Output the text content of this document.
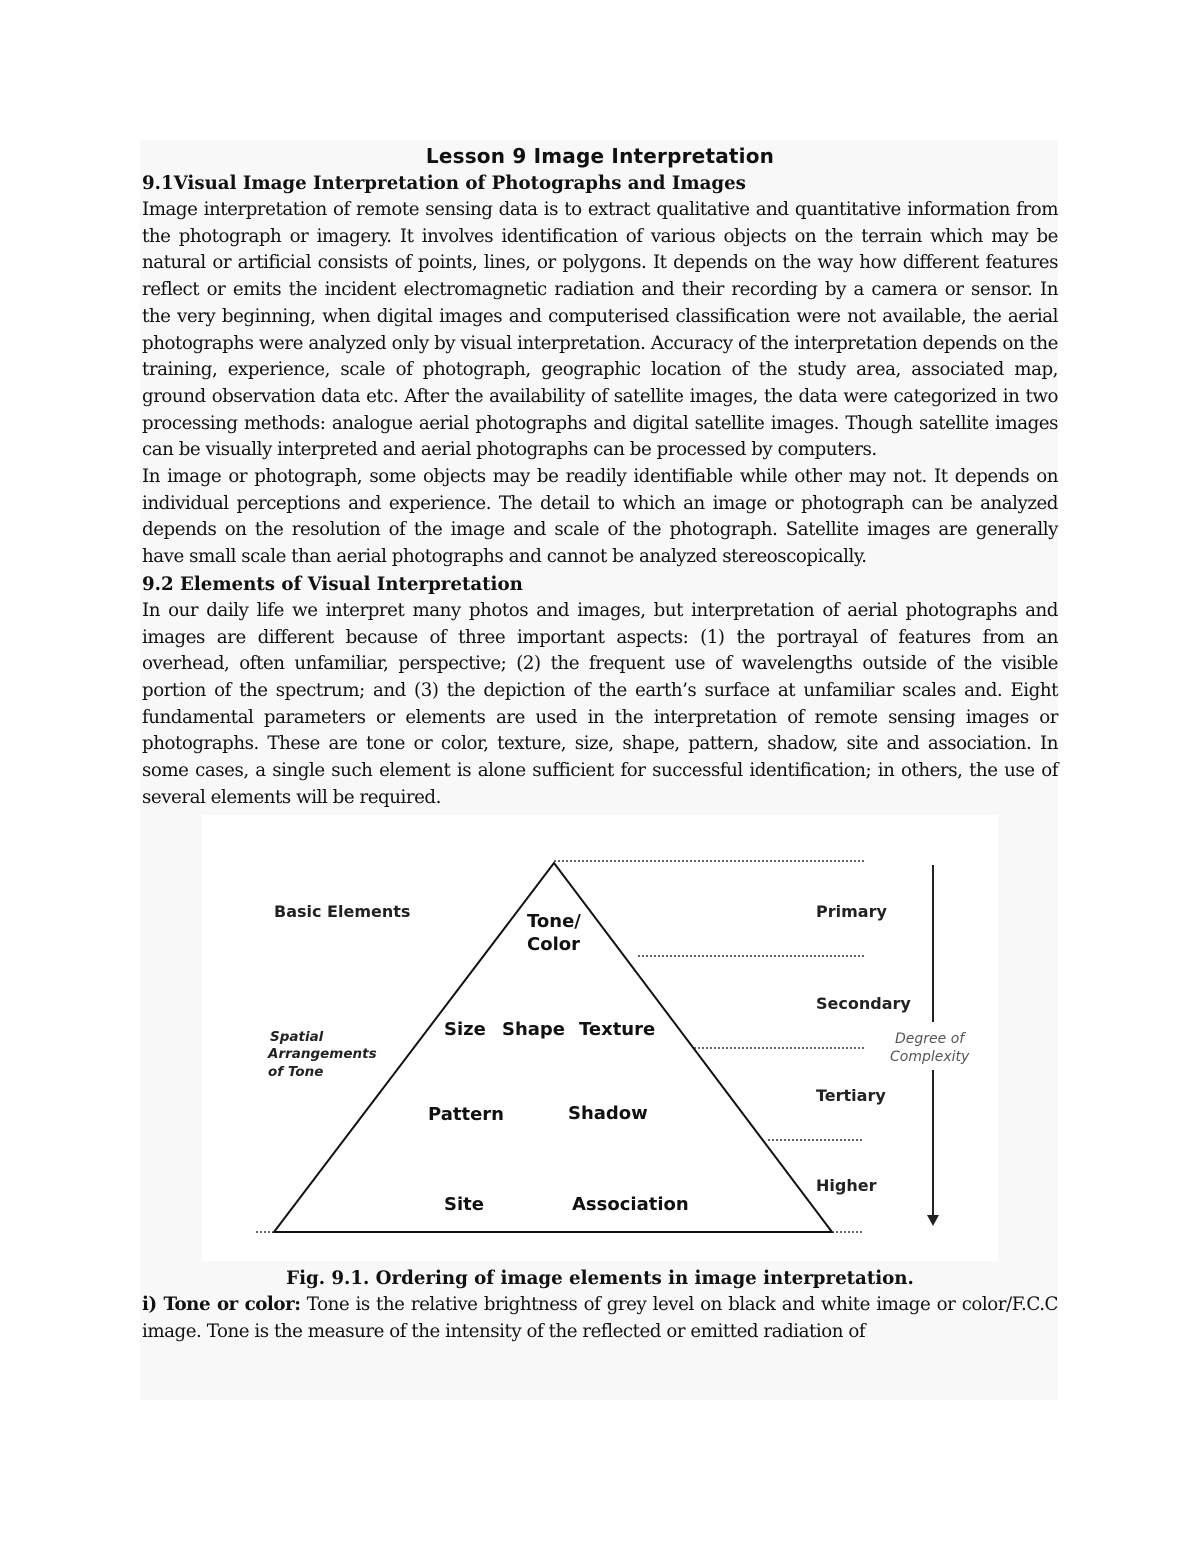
Lesson 9 Image Interpretation
9.1Visual Image Interpretation of Photographs and Images

Image interpretation of remote sensing data is to extract qualitative and quantitative information from the photograph or imagery. It involves identification of various objects on the terrain which may be natural or artificial consists of points, lines, or polygons. It depends on the way how different features reflect or emits the incident electromagnetic radiation and their recording by a camera or sensor. In the very beginning, when digital images and computerised classification were not available, the aerial photographs were analyzed only by visual interpretation. Accuracy of the interpretation depends on the training, experience, scale of photograph, geographic location of the study area, associated map, ground observation data etc. After the availability of satellite images, the data were categorized in two processing methods: analogue aerial photographs and digital satellite images. Though satellite images can be visually interpreted and aerial photographs can be processed by computers.

In image or photograph, some objects may be readily identifiable while other may not. It depends on individual perceptions and experience. The detail to which an image or photograph can be analyzed depends on the resolution of the image and scale of the photograph. Satellite images are generally have small scale than aerial photographs and cannot be analyzed stereoscopically.

9.2 Elements of Visual Interpretation

In our daily life we interpret many photos and images, but interpretation of aerial photographs and images are different because of three important aspects: (1) the portrayal of features from an overhead, often unfamiliar, perspective; (2) the frequent use of wavelengths outside of the visible portion of the spectrum; and (3) the depiction of the earth’s surface at unfamiliar scales and. Eight fundamental parameters or elements are used in the interpretation of remote sensing images or photographs. These are tone or color, texture, size, shape, pattern, shadow, site and association. In some cases, a single such element is alone sufficient for successful identification; in others, the use of several elements will be required.

Basic Elements
Spatial
Arrangements
of Tone
Tone/
Color
Size Shape Texture
Pattern	Shadow
Site	Association
Primary
Secondary
Tertiary
Higher
Degree of
Complexity

Fig. 9.1. Ordering of image elements in image interpretation.

i) Tone or color: Tone is the relative brightness of grey level on black and white image or color/F.C.C image. Tone is the measure of the intensity of the reflected or emitted radiation of
